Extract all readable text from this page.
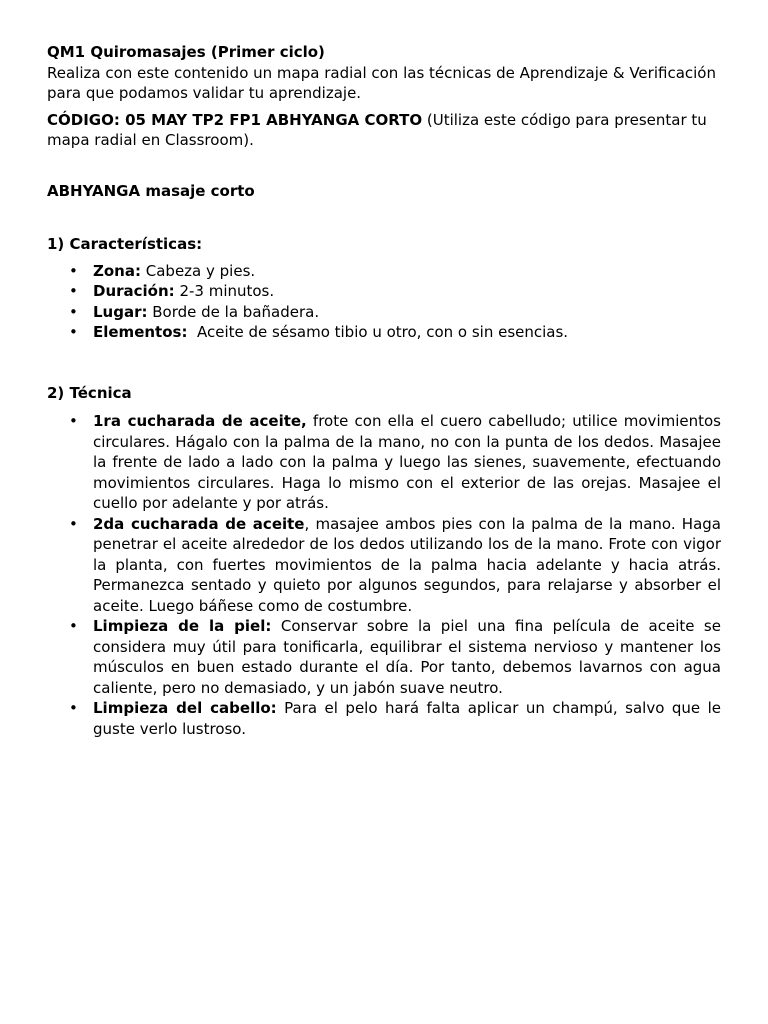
QM1 Quiromasajes (Primer ciclo)

Realiza con este contenido un mapa radial con las técnicas de Aprendizaje & Verificación para que podamos validar tu aprendizaje.

CÓDIGO: 05 MAY TP2 FP1 ABHYANGA CORTO (Utiliza este código para presentar tu mapa radial en Classroom).

ABHYANGA masaje corto

1) Características:

• Zona: Cabeza y pies.
• Duración: 2-3 minutos.
• Lugar: Borde de la bañadera.
• Elementos:  Aceite de sésamo tibio u otro, con o sin esencias.

2) Técnica

• 1ra cucharada de aceite, frote con ella el cuero cabelludo; utilice movimientos circulares. Hágalo con la palma de la mano, no con la punta de los dedos. Masajee la frente de lado a lado con la palma y luego las sienes, suavemente, efectuando movimientos circulares. Haga lo mismo con el exterior de las orejas. Masajee el cuello por adelante y por atrás.
• 2da cucharada de aceite, masajee ambos pies con la palma de la mano. Haga penetrar el aceite alrededor de los dedos utilizando los de la mano. Frote con vigor la planta, con fuertes movimientos de la palma hacia adelante y hacia atrás. Permanezca sentado y quieto por algunos segundos, para relajarse y absorber el aceite. Luego báñese como de costumbre.
• Limpieza de la piel: Conservar sobre la piel una fina película de aceite se considera muy útil para tonificarla, equilibrar el sistema nervioso y mantener los músculos en buen estado durante el día. Por tanto, debemos lavarnos con agua caliente, pero no demasiado, y un jabón suave neutro.
• Limpieza del cabello: Para el pelo hará falta aplicar un champú, salvo que le guste verlo lustroso.
